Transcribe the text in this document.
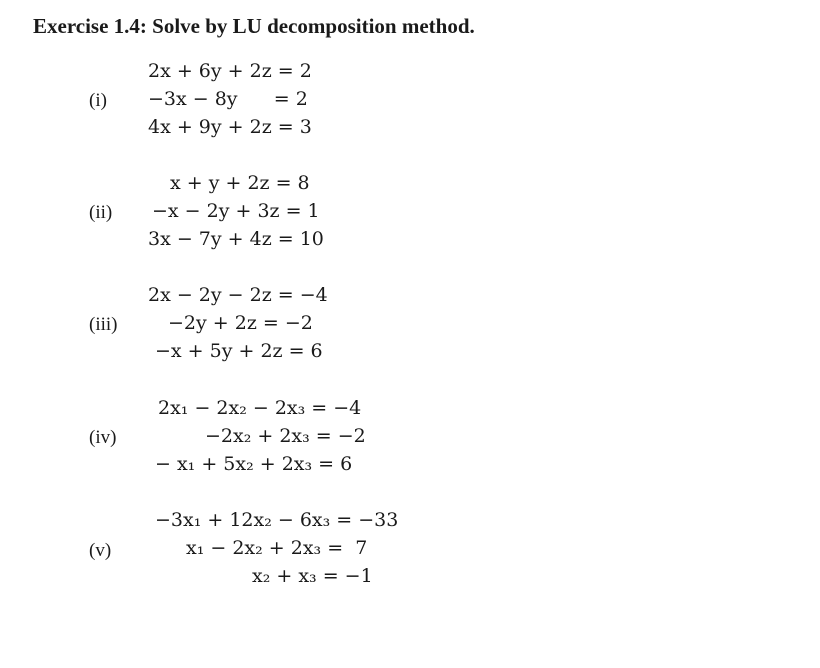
Exercise 1.4: Solve by LU decomposition method.
(i)
2x + 6y + 2z = 2
−3x − 8y      = 2
4x + 9y + 2z = 3
(ii)
x + y + 2z = 8
−x − 2y + 3z = 1
3x − 7y + 4z = 10
(iii)
2x − 2y − 2z = −4
−2y + 2z = −2
−x + 5y + 2z = 6
(iv)
2x₁ − 2x₂ − 2x₃ = −4
−2x₂ + 2x₃ = −2
− x₁ + 5x₂ + 2x₃ = 6
(v)
−3x₁ + 12x₂ − 6x₃ = −33
x₁ − 2x₂ + 2x₃ =  7
x₂ + x₃ = −1
